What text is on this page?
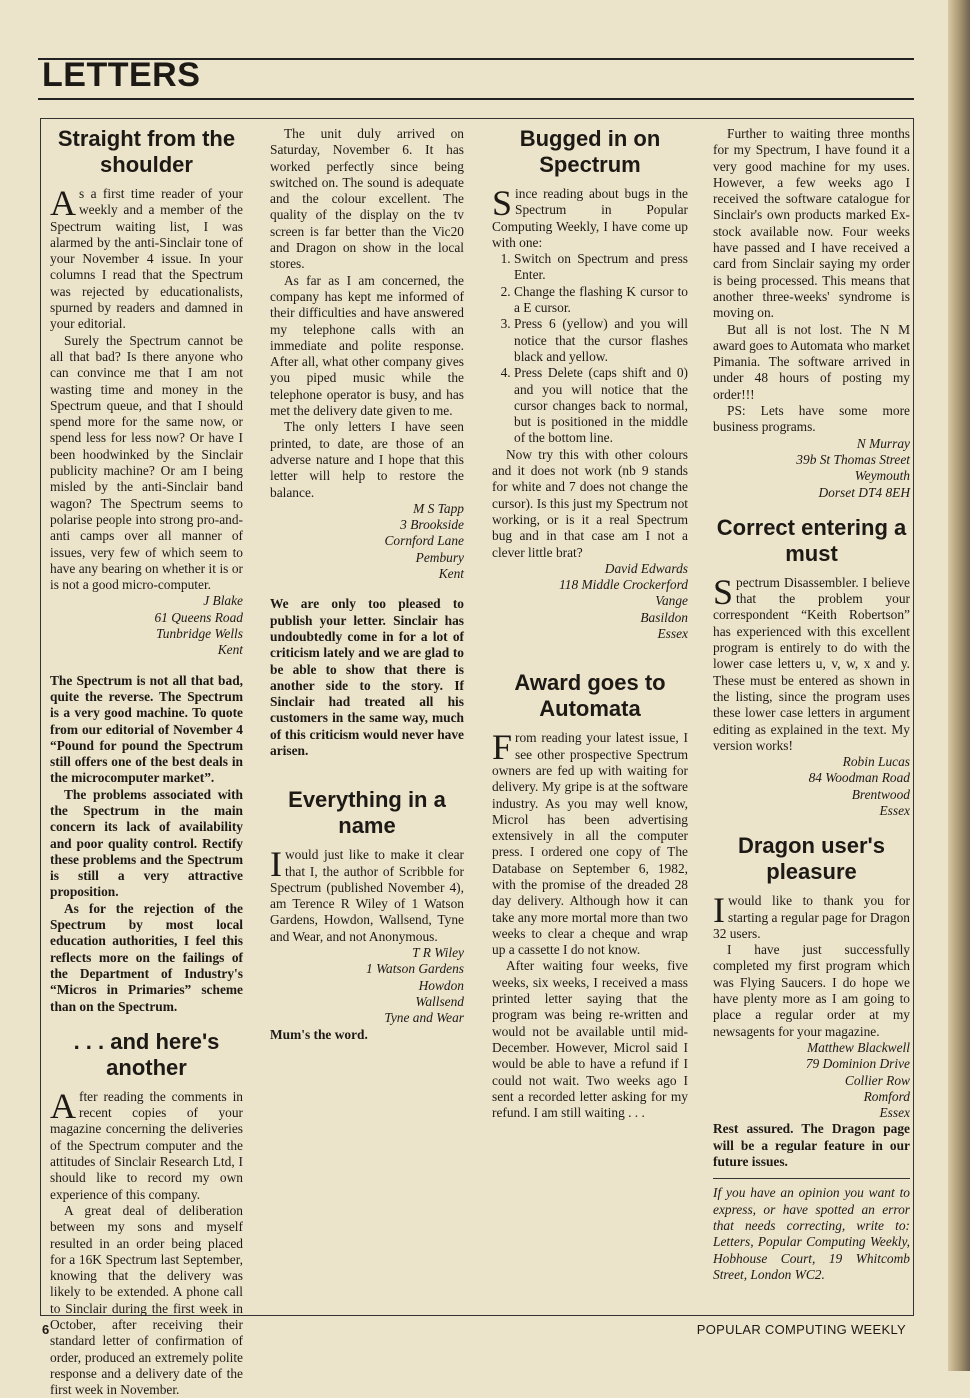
LETTERS
Straight from the shoulder

As a first time reader of your weekly and a member of the Spectrum waiting list, I was alarmed by the anti-Sinclair tone of your November 4 issue. In your columns I read that the Spectrum was rejected by educationalists, spurned by readers and damned in your editorial.

Surely the Spectrum cannot be all that bad? Is there anyone who can convince me that I am not wasting time and money in the Spectrum queue, and that I should spend more for the same now, or spend less for less now? Or have I been hoodwinked by the Sinclair publicity machine? Or am I being misled by the anti-Sinclair band wagon? The Spectrum seems to polarise people into strong pro-and-anti camps over all manner of issues, very few of which seem to have any bearing on whether it is or is not a good micro-computer.

J Blake
61 Queens Road
Tunbridge Wells
Kent

The Spectrum is not all that bad, quite the reverse. The Spectrum is a very good machine. To quote from our editorial of November 4 “Pound for pound the Spectrum still offers one of the best deals in the microcomputer market”.

The problems associated with the Spectrum in the main concern its lack of availability and poor quality control. Rectify these problems and the Spectrum is still a very attractive proposition.

As for the rejection of the Spectrum by most local education authorities, I feel this reflects more on the failings of the Department of Industry's “Micros in Primaries” scheme than on the Spectrum.

. . . and here's another

After reading the comments in recent copies of your magazine concerning the deliveries of the Spectrum computer and the attitudes of Sinclair Research Ltd, I should like to record my own experience of this company.

A great deal of deliberation between my sons and myself resulted in an order being placed for a 16K Spectrum last September, knowing that the delivery was likely to be extended. A phone call to Sinclair during the first week in October, after receiving their standard letter of confirmation of order, produced an extremely polite response and a delivery date of the first week in November.

The unit duly arrived on Saturday, November 6. It has worked perfectly since being switched on. The sound is adequate and the colour excellent. The quality of the display on the tv screen is far better than the Vic20 and Dragon on show in the local stores.

As far as I am concerned, the company has kept me informed of their difficulties and have answered my telephone calls with an immediate and polite response. After all, what other company gives you piped music while the telephone operator is busy, and has met the delivery date given to me.

The only letters I have seen printed, to date, are those of an adverse nature and I hope that this letter will help to restore the balance.

M S Tapp
3 Brookside
Cornford Lane
Pembury
Kent

We are only too pleased to publish your letter. Sinclair has undoubtedly come in for a lot of criticism lately and we are glad to be able to show that there is another side to the story. If Sinclair had treated all his customers in the same way, much of this criticism would never have arisen.

Everything in a name

Iwould just like to make it clear that I, the author of Scribble for Spectrum (published November 4), am Terence R Wiley of 1 Watson Gardens, Howdon, Wallsend, Tyne and Wear, and not Anonymous.

T R Wiley
1 Watson Gardens
Howdon
Wallsend
Tyne and Wear

Mum's the word.

Bugged in on Spectrum

Since reading about bugs in the Spectrum in Popular Computing Weekly, I have come up with one:

1. Switch on Spectrum and press Enter.
2. Change the flashing K cursor to a E cursor.
3. Press 6 (yellow) and you will notice that the cursor flashes black and yellow.
4. Press Delete (caps shift and 0) and you will notice that the cursor changes back to normal, but is positioned in the middle of the bottom line.

Now try this with other colours and it does not work (nb 9 stands for white and 7 does not change the cursor). Is this just my Spectrum not working, or is it a real Spectrum bug and in that case am I not a clever little brat?

David Edwards
118 Middle Crockerford
Vange
Basildon
Essex
Award goes to Automata

From reading your latest issue, I see other prospective Spectrum owners are fed up with waiting for delivery. My gripe is at the software industry. As you may well know, Microl has been advertising extensively in all the computer press. I ordered one copy of The Database on September 6, 1982, with the promise of the dreaded 28 day delivery. Although how it can take any more mortal more than two weeks to clear a cheque and wrap up a cassette I do not know.

After waiting four weeks, five weeks, six weeks, I received a mass printed letter saying that the program was being re-written and would not be available until mid-December. However, Microl said I would be able to have a refund if I could not wait. Two weeks ago I sent a recorded letter asking for my refund. I am still waiting . . .

Further to waiting three months for my Spectrum, I have found it a very good machine for my uses. However, a few weeks ago I received the software catalogue for Sinclair's own products marked Ex-stock available now. Four weeks have passed and I have received a card from Sinclair saying my order is being processed. This means that another three-weeks' syndrome is moving on.

But all is not lost. The N M award goes to Automata who market Pimania. The software arrived in under 48 hours of posting my order!!!

PS: Lets have some more business programs.

N Murray
39b St Thomas Street
Weymouth
Dorset DT4 8EH
Correct entering a must

Spectrum Disassembler. I believe that the problem your correspondent “Keith Robertson” has experienced with this excellent program is entirely to do with the lower case letters u, v, w, x and y. These must be entered as shown in the listing, since the program uses these lower case letters in argument editing as explained in the text. My version works!

Robin Lucas
84 Woodman Road
Brentwood
Essex
Dragon user's pleasure

Iwould like to thank you for starting a regular page for Dragon 32 users.

I have just successfully completed my first program which was Flying Saucers. I do hope we have plenty more as I am going to place a regular order at my newsagents for your magazine.

Matthew Blackwell
79 Dominion Drive
Collier Row
Romford
Essex

Rest assured. The Dragon page will be a regular feature in our future issues.

If you have an opinion you want to express, or have spotted an error that needs correcting, write to: Letters, Popular Computing Weekly, Hobhouse Court, 19 Whitcomb Street, London WC2.
6	POPULAR COMPUTING WEEKLY
